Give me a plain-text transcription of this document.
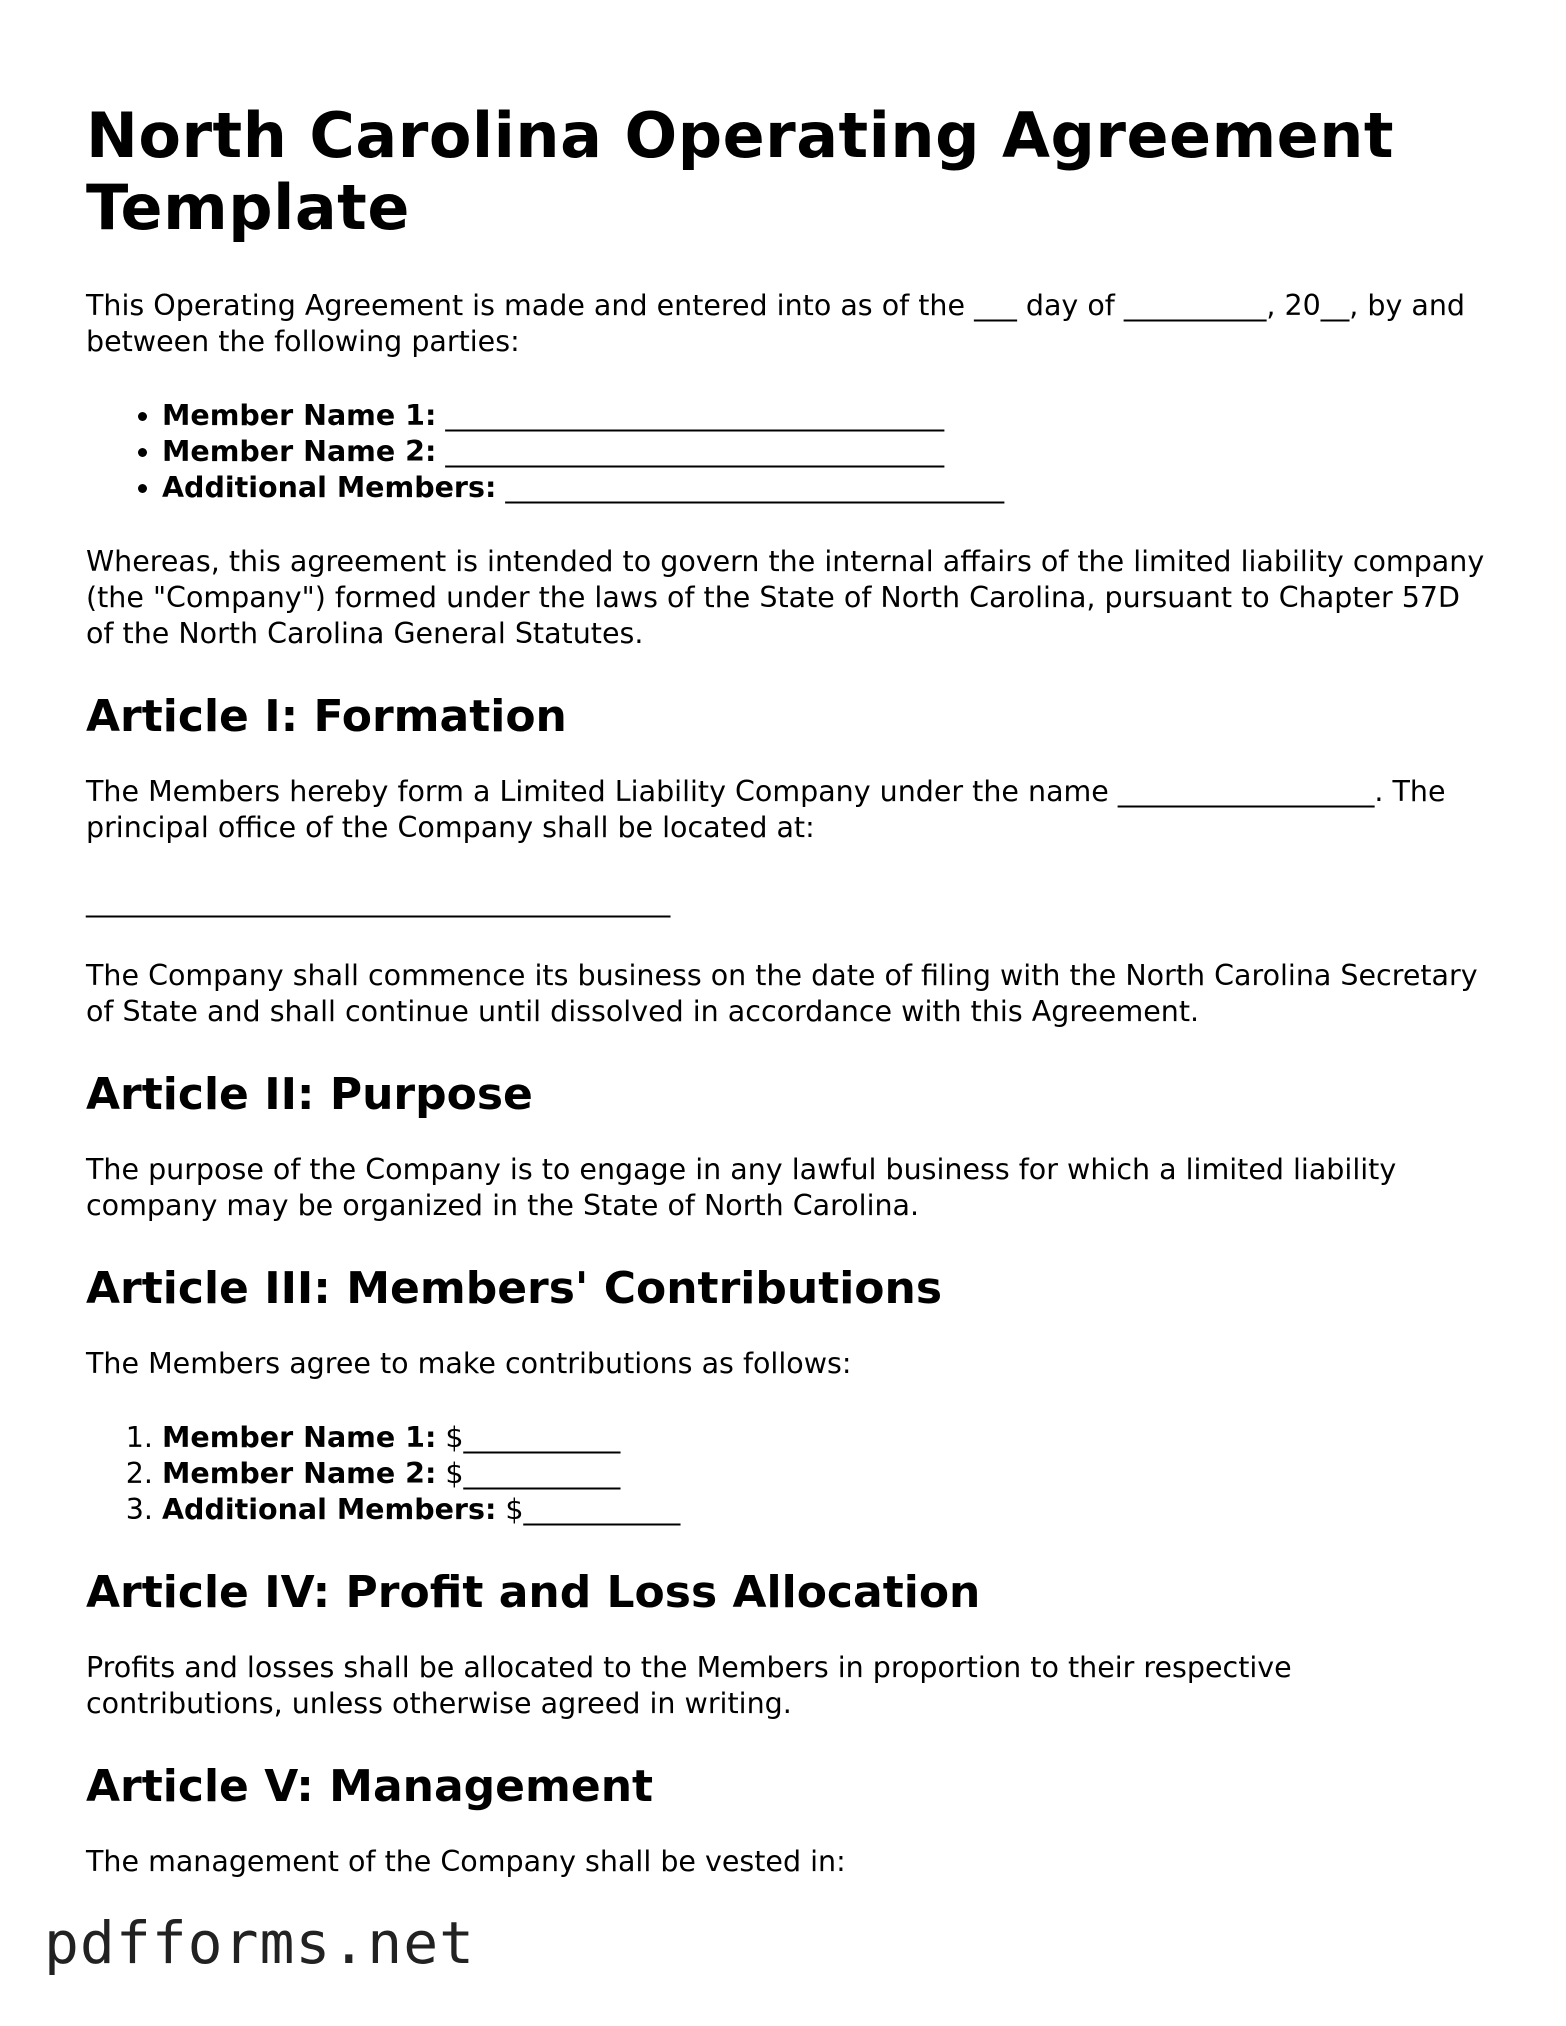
North Carolina Operating Agreement Template

This Operating Agreement is made and entered into as of the ___ day of __________, 20__, by and between the following parties:

• Member Name 1: ___________________________________
• Member Name 2: ___________________________________
• Additional Members: ___________________________________

Whereas, this agreement is intended to govern the internal affairs of the limited liability company (the "Company") formed under the laws of the State of North Carolina, pursuant to Chapter 57D of the North Carolina General Statutes.

Article I: Formation

The Members hereby form a Limited Liability Company under the name __________________. The principal office of the Company shall be located at:

_________________________________________

The Company shall commence its business on the date of filing with the North Carolina Secretary of State and shall continue until dissolved in accordance with this Agreement.

Article II: Purpose

The purpose of the Company is to engage in any lawful business for which a limited liability company may be organized in the State of North Carolina.

Article III: Members' Contributions

The Members agree to make contributions as follows:

1. Member Name 1: $___________
2. Member Name 2: $___________
3. Additional Members: $___________
Article IV: Profit and Loss Allocation

Profits and losses shall be allocated to the Members in proportion to their respective contributions, unless otherwise agreed in writing.

Article V: Management

The management of the Company shall be vested in:

pdfforms.net
